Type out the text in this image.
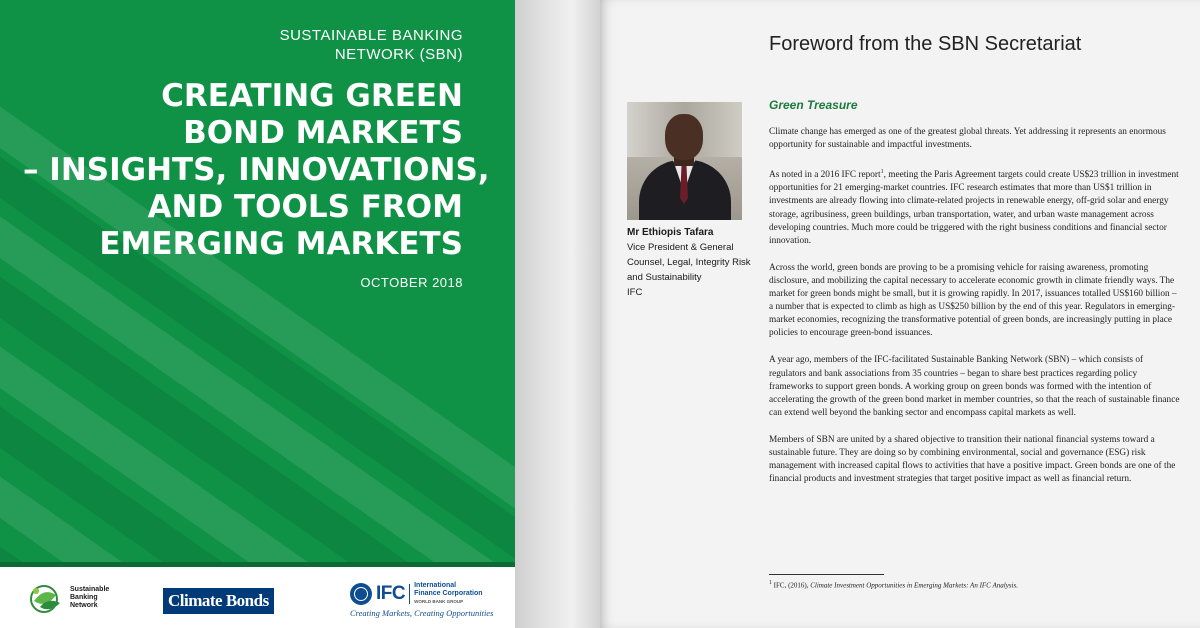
SUSTAINABLE BANKING
NETWORK (SBN)
CREATING GREEN
BOND MARKETS
– INSIGHTS, INNOVATIONS,
AND TOOLS FROM
EMERGING MARKETS
OCTOBER 2018
Sustainable
Banking
Network	Climate Bonds	IFC International
Finance Corporation
WORLD BANK GROUP
Creating Markets, Creating Opportunities
Foreword from the SBN Secretariat
Mr Ethiopis Tafara
Vice President & General
Counsel, Legal, Integrity Risk
and Sustainability
IFC
Green Treasure

Climate change has emerged as one of the greatest global threats. Yet addressing it represents an enormous opportunity for sustainable and impactful investments.

As noted in a 2016 IFC report$^1$, meeting the Paris Agreement targets could create US$23 trillion in investment opportunities for 21 emerging-market countries. IFC research estimates that more than US$1 trillion in investments are already flowing into climate-related projects in renewable energy, off-grid solar and energy storage, agribusiness, green buildings, urban transportation, water, and urban waste management across developing countries. Much more could be triggered with the right business conditions and financial sector innovation.

Across the world, green bonds are proving to be a promising vehicle for raising awareness, promoting disclosure, and mobilizing the capital necessary to accelerate economic growth in climate friendly ways. The market for green bonds might be small, but it is growing rapidly. In 2017, issuances totalled US$160 billion – a number that is expected to climb as high as US$250 billion by the end of this year. Regulators in emerging-market economies, recognizing the transformative potential of green bonds, are increasingly putting in place policies to encourage green-bond issuances.

A year ago, members of the IFC-facilitated Sustainable Banking Network (SBN) – which consists of regulators and bank associations from 35 countries – began to share best practices regarding policy frameworks to support green bonds. A working group on green bonds was formed with the intention of accelerating the growth of the green bond market in member countries, so that the reach of sustainable finance can extend well beyond the banking sector and encompass capital markets as well.

Members of SBN are united by a shared objective to transition their national financial systems toward a sustainable future. They are doing so by combining environmental, social and governance (ESG) risk management with increased capital flows to activities that have a positive impact. Green bonds are one of the financial products and investment strategies that target positive impact as well as financial return.

$^1$ IFC, (2016), Climate Investment Opportunities in Emerging Markets: An IFC Analysis.
